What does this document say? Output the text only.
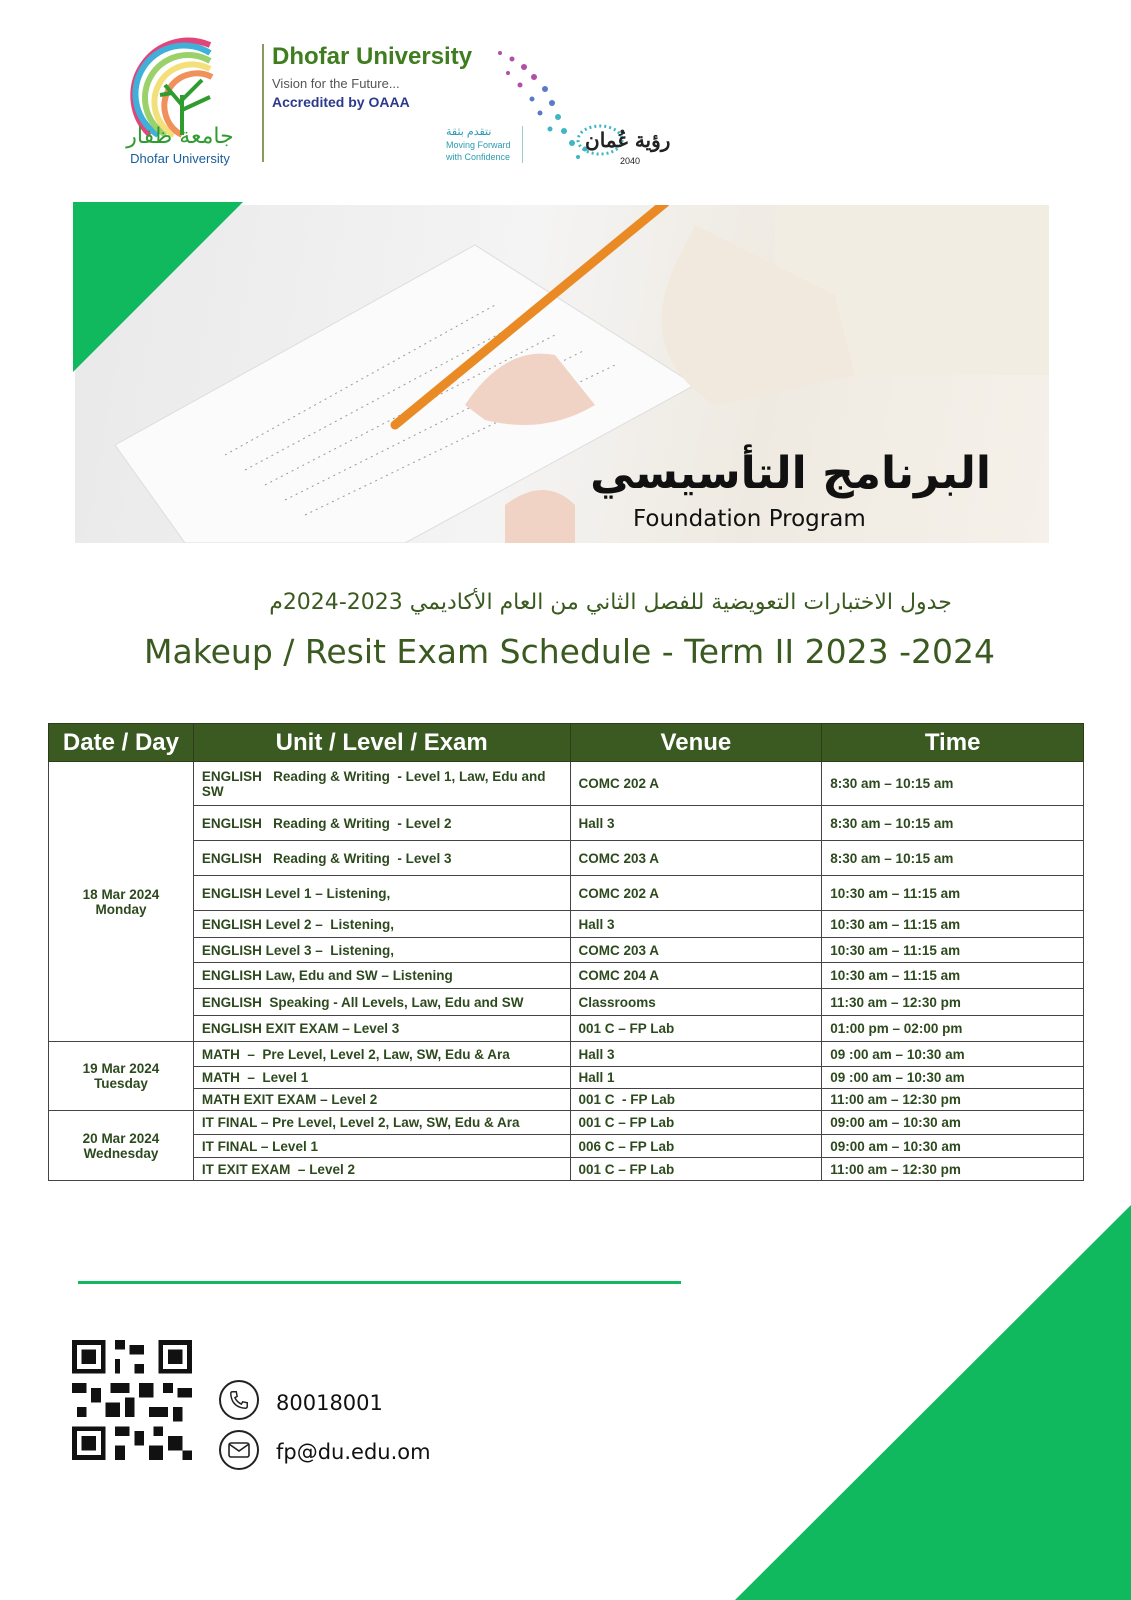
جامعة ظفار
Dhofar University
Dhofar University
Vision for the Future...
Accredited by OAAA
نتقدم بثقة
Moving Forward with Confidence
رؤية عُمان
2040
البرنامج التأسيسي
Foundation Program
جدول الاختبارات التعويضية للفصل الثاني من العام الأكاديمي 2023-2024م
Makeup / Resit Exam Schedule - Term II 2023 -2024
Date / Day	Unit / Level / Exam	Venue	Time

18 Mar 2024
Monday	ENGLISH   Reading & Writing  - Level 1, Law, Edu and SW	COMC 202 A	8:30 am – 10:15 am
	ENGLISH   Reading & Writing  - Level 2	Hall 3	8:30 am – 10:15 am
	ENGLISH   Reading & Writing  - Level 3	COMC 203 A	8:30 am – 10:15 am
	ENGLISH Level 1 – Listening,	COMC 202 A	10:30 am – 11:15 am
	ENGLISH Level 2 –  Listening,	Hall 3	10:30 am – 11:15 am
	ENGLISH Level 3 –  Listening,	COMC 203 A	10:30 am – 11:15 am
	ENGLISH Law, Edu and SW – Listening	COMC 204 A	10:30 am – 11:15 am
	ENGLISH  Speaking - All Levels, Law, Edu and SW	Classrooms	11:30 am – 12:30 pm
	ENGLISH EXIT EXAM – Level 3	001 C – FP Lab	01:00 pm – 02:00 pm

19 Mar 2024
Tuesday	MATH  –  Pre Level, Level 2, Law, SW, Edu & Ara	Hall 3	09 :00 am – 10:30 am
	MATH  –  Level 1	Hall 1	09 :00 am – 10:30 am
	MATH EXIT EXAM – Level 2	001 C  - FP Lab	11:00 am – 12:30 pm

20 Mar 2024
Wednesday	IT FINAL – Pre Level, Level 2, Law, SW, Edu & Ara	001 C – FP Lab	09:00 am – 10:30 am
	IT FINAL – Level 1	006 C – FP Lab	09:00 am – 10:30 am
	IT EXIT EXAM  – Level 2	001 C – FP Lab	11:00 am – 12:30 pm
80018001
fp@du.edu.om
